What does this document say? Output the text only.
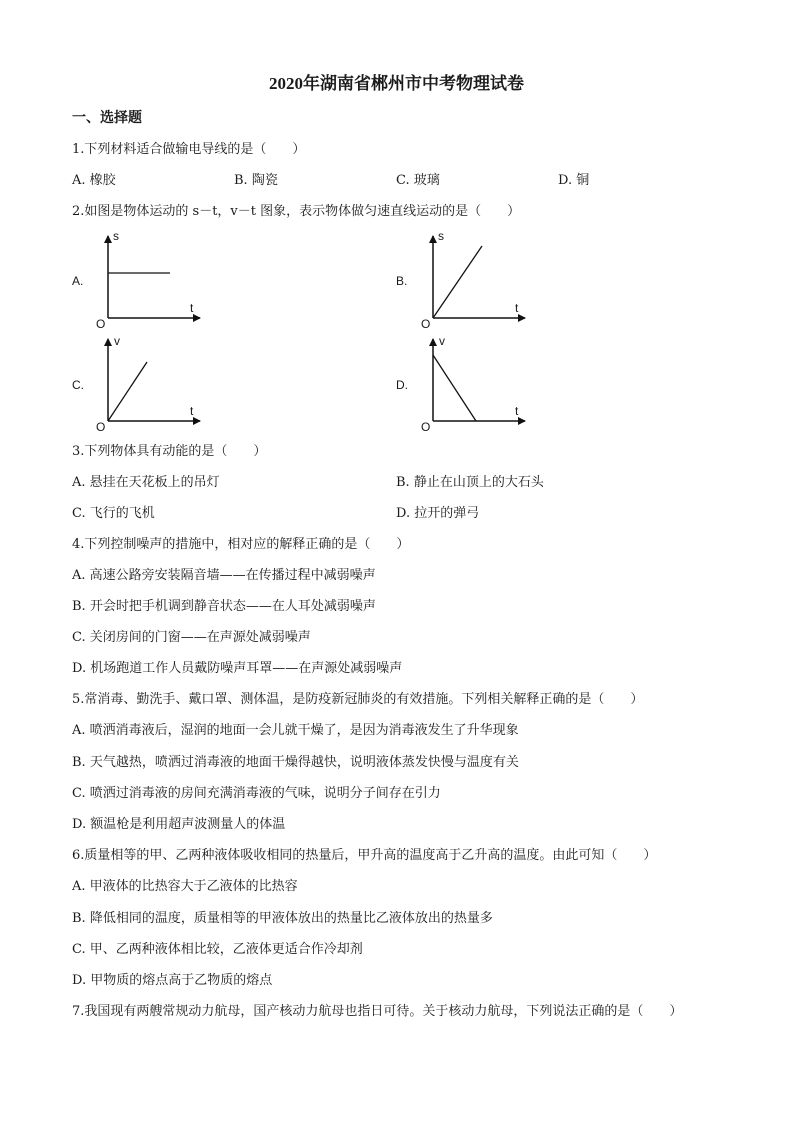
2020年湖南省郴州市中考物理试卷
一、选择题
1.下列材料适合做输电导线的是（　　）
A. 橡胶	B. 陶瓷	C. 玻璃	D. 铜
2.如图是物体运动的 s－t，v－t 图象，表示物体做匀速直线运动的是（　　）
A.
s
t
O
B.
s
t
O
C.
v
t
O
D.
v
t
O
3.下列物体具有动能的是（　　）
A. 悬挂在天花板上的吊灯	B. 静止在山顶上的大石头
C. 飞行的飞机	D. 拉开的弹弓
4.下列控制噪声的措施中，相对应的解释正确的是（　　）
A. 高速公路旁安装隔音墙——在传播过程中减弱噪声
B. 开会时把手机调到静音状态——在人耳处减弱噪声
C. 关闭房间的门窗——在声源处减弱噪声
D. 机场跑道工作人员戴防噪声耳罩——在声源处减弱噪声
5.常消毒、勤洗手、戴口罩、测体温，是防疫新冠肺炎的有效措施。下列相关解释正确的是（　　）
A. 喷洒消毒液后，湿润的地面一会儿就干燥了，是因为消毒液发生了升华现象
B. 天气越热，喷洒过消毒液的地面干燥得越快，说明液体蒸发快慢与温度有关
C. 喷洒过消毒液的房间充满消毒液的气味，说明分子间存在引力
D. 额温枪是利用超声波测量人的体温
6.质量相等的甲、乙两种液体吸收相同的热量后，甲升高的温度高于乙升高的温度。由此可知（　　）
A. 甲液体的比热容大于乙液体的比热容
B. 降低相同的温度，质量相等的甲液体放出的热量比乙液体放出的热量多
C. 甲、乙两种液体相比较，乙液体更适合作冷却剂
D. 甲物质的熔点高于乙物质的熔点
7.我国现有两艘常规动力航母，国产核动力航母也指日可待。关于核动力航母，下列说法正确的是（　　）
